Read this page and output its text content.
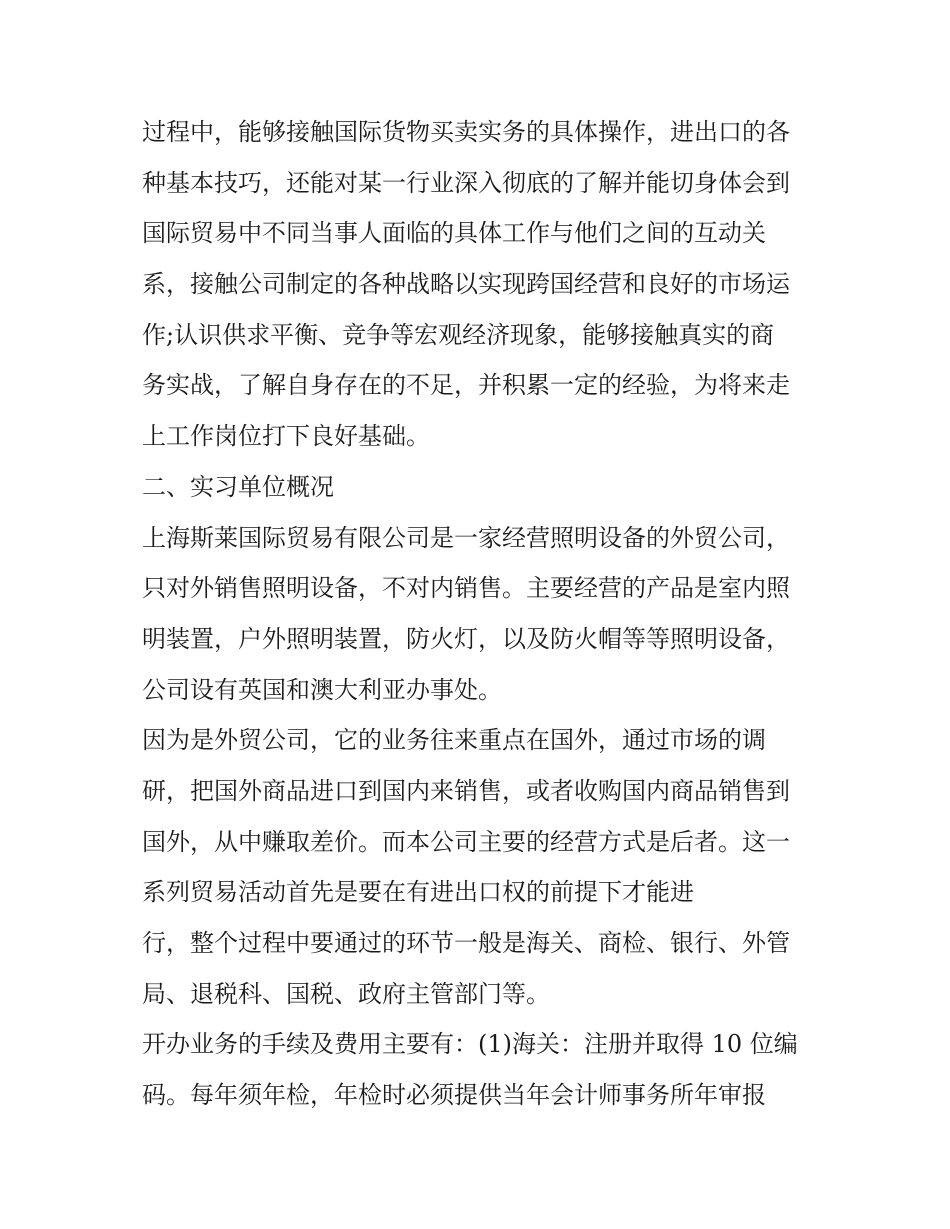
过程中，能够接触国际货物买卖实务的具体操作，进出口的各
种基本技巧，还能对某一行业深入彻底的了解并能切身体会到
国际贸易中不同当事人面临的具体工作与他们之间的互动关
系，接触公司制定的各种战略以实现跨国经营和良好的市场运
作;认识供求平衡、竞争等宏观经济现象，能够接触真实的商
务实战，了解自身存在的不足，并积累一定的经验，为将来走
上工作岗位打下良好基础。
二、实习单位概况
上海斯莱国际贸易有限公司是一家经营照明设备的外贸公司，
只对外销售照明设备，不对内销售。主要经营的产品是室内照
明装置，户外照明装置，防火灯，以及防火帽等等照明设备，
公司设有英国和澳大利亚办事处。
因为是外贸公司，它的业务往来重点在国外，通过市场的调
研，把国外商品进口到国内来销售，或者收购国内商品销售到
国外，从中赚取差价。而本公司主要的经营方式是后者。这一
系列贸易活动首先是要在有进出口权的前提下才能进
行，整个过程中要通过的环节一般是海关、商检、银行、外管
局、退税科、国税、政府主管部门等。
开办业务的手续及费用主要有：(1)海关：注册并取得 10 位编
码。每年须年检，年检时必须提供当年会计师事务所年审报
